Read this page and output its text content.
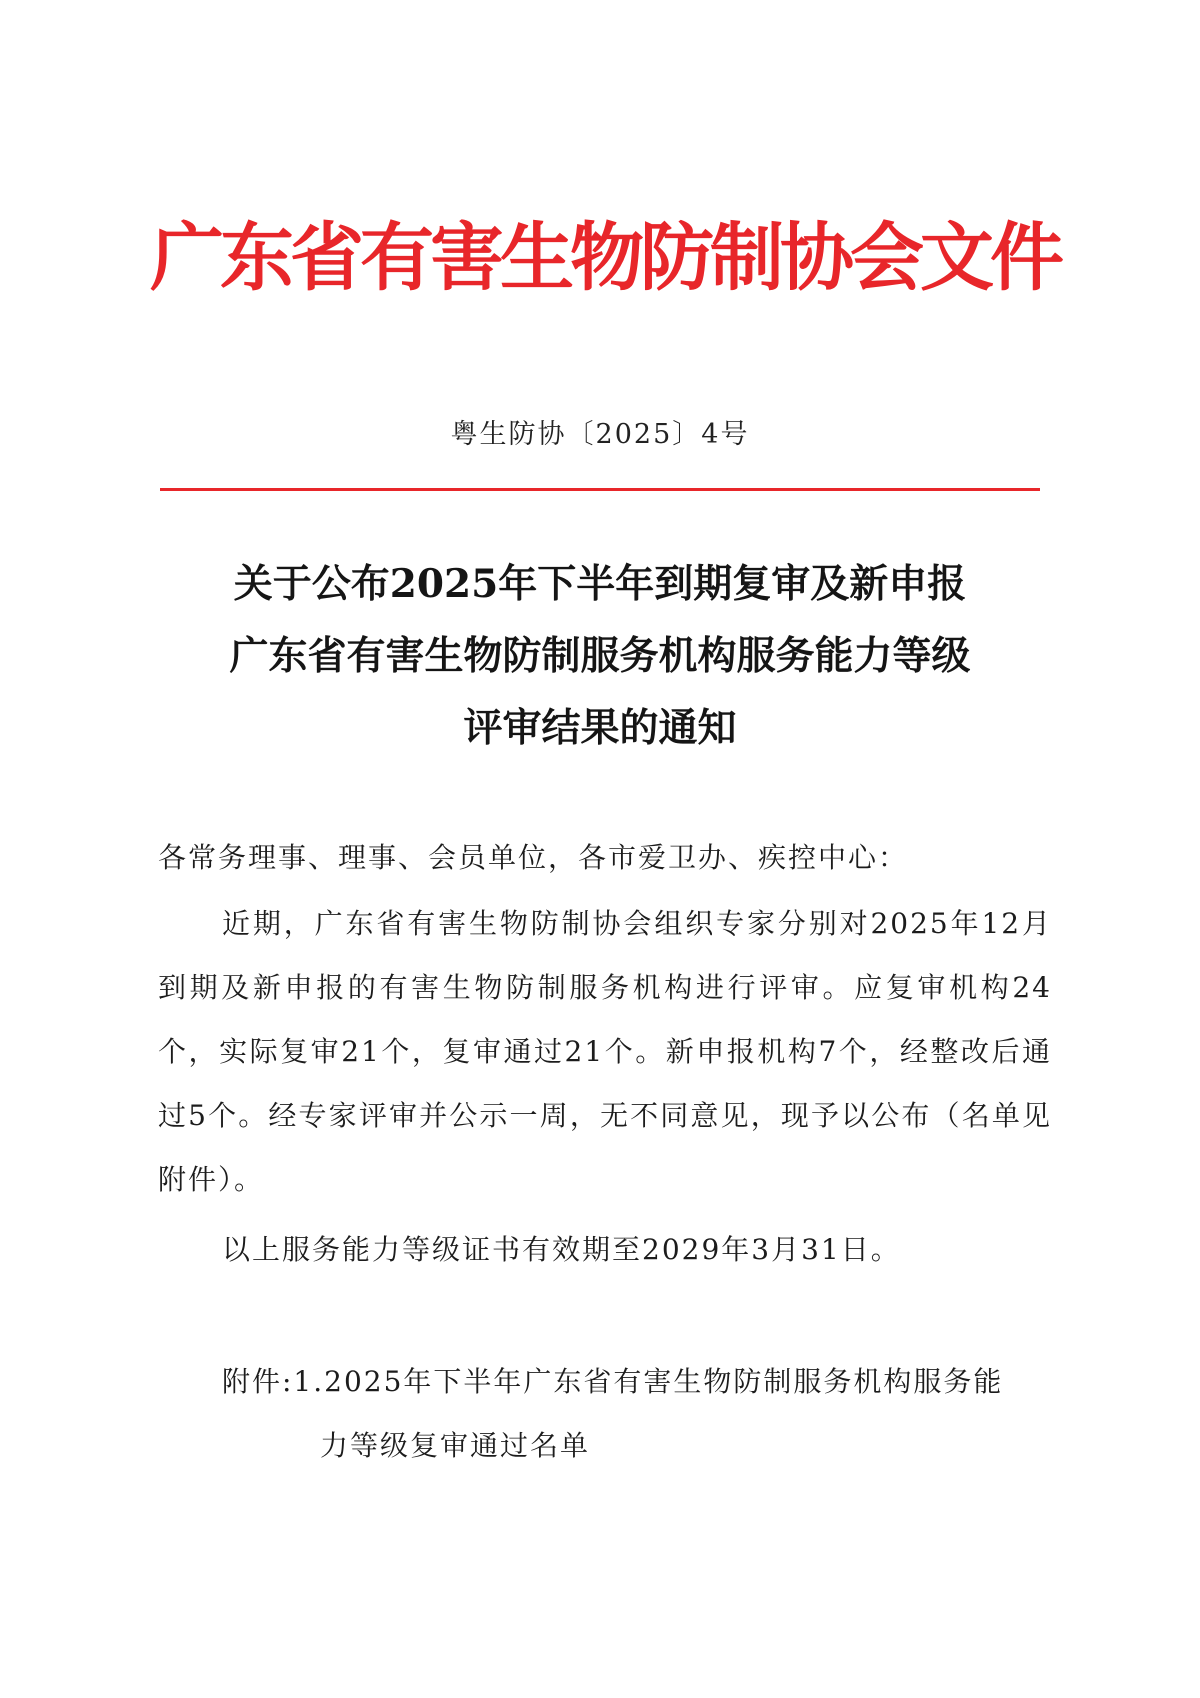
广东省有害生物防制协会文件
粤生防协〔2025〕4号
关于公布2025年下半年到期复审及新申报
广东省有害生物防制服务机构服务能力等级
评审结果的通知
各常务理事、理事、会员单位，各市爱卫办、疾控中心：
近期，广东省有害生物防制协会组织专家分别对2025年12月到期及新申报的有害生物防制服务机构进行评审。应复审机构24个，实际复审21个，复审通过21个。新申报机构7个，经整改后通过5个。经专家评审并公示一周，无不同意见，现予以公布（名单见附件）。
以上服务能力等级证书有效期至2029年3月31日。
附件:1.2025年下半年广东省有害生物防制服务机构服务能
力等级复审通过名单
